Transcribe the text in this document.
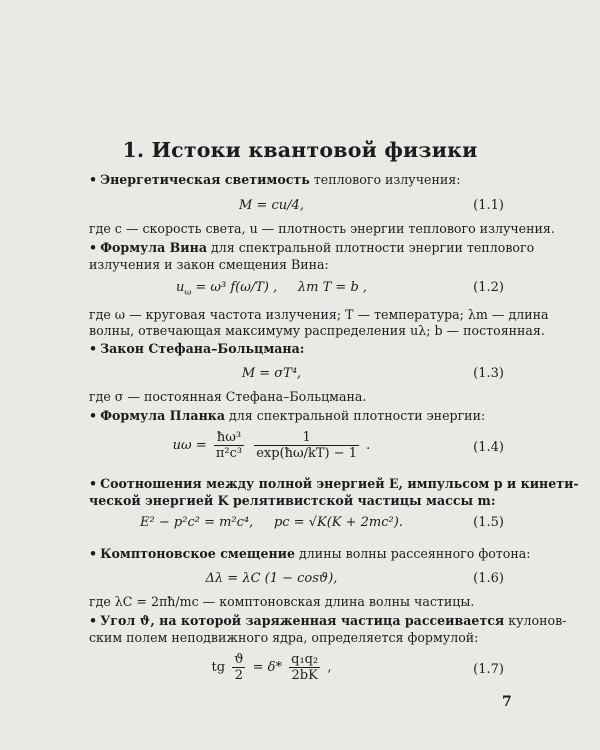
1. Истоки квантовой физики
• Энергетическая светимость теплового излучения:
M = cu/4,	(1.1)
где c — скорость света, u — плотность энергии теплового излучения.
• Формула Вина для спектральной плотности энергии теплового
излучения и закон смещения Вина:
$u_\omega = \omega^3$ f(ω/T) , λm T = b ,	(1.2)
где ω — круговая частота излучения; T — температура; λm — длина
волны, отвечающая максимуму распределения uλ; b — постоянная.
• Закон Стефана–Больцмана:
M = σT⁴,	(1.3)
где σ — постоянная Стефана–Больцмана.
• Формула Планка для спектральной плотности энергии:
$u\omega = \frac{\text{ħω³}}{\text{π²c³}}$
$\frac{1}{\exp(ħ\omega/kT) - 1}$ .	(1.4)
• Соотношения между полной энергией E, импульсом p и кинети-
ческой энергией K релятивистской частицы массы m:
E² − p²c² = m²c⁴, pc = √K(K + 2mc²).	(1.5)
• Комптоновское смещение длины волны рассеянного фотона:
Δλ = λC (1 − cosϑ),	(1.6)
где λC = 2πħ/mc — комптоновская длина волны частицы.
• Угол ϑ, на которой заряженная частица рассеивается кулонов-
ским полем неподвижного ядра, определяется формулой:
tg $\frac{ϑ}{2} = \delta* \frac{\text{q₁q₂}}{2bK}$ ,	(1.7)
7
